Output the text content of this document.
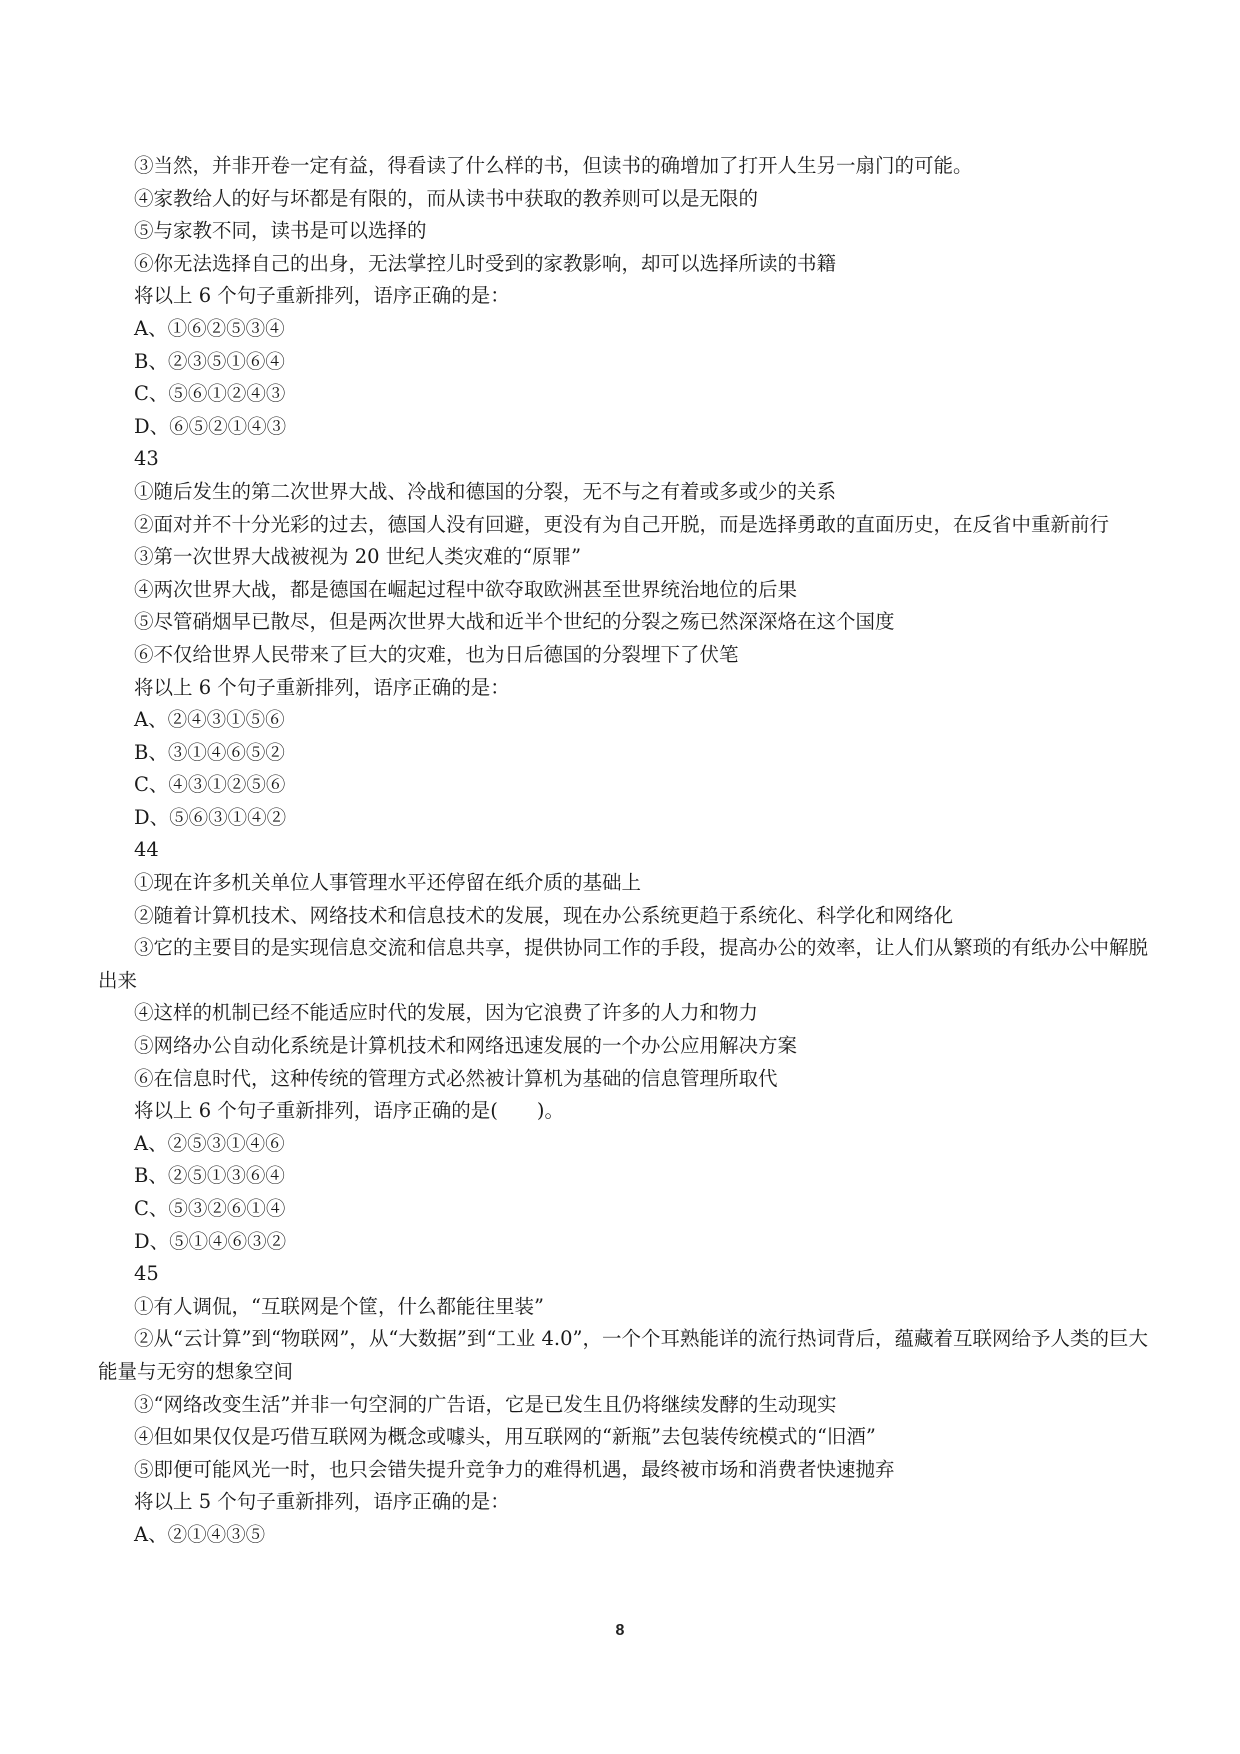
③当然，并非开卷一定有益，得看读了什么样的书，但读书的确增加了打开人生另一扇门的可能。
④家教给人的好与坏都是有限的，而从读书中获取的教养则可以是无限的
⑤与家教不同，读书是可以选择的
⑥你无法选择自己的出身，无法掌控儿时受到的家教影响，却可以选择所读的书籍
将以上 6 个句子重新排列，语序正确的是：
A、①⑥②⑤③④
B、②③⑤①⑥④
C、⑤⑥①②④③
D、⑥⑤②①④③
43
①随后发生的第二次世界大战、冷战和德国的分裂，无不与之有着或多或少的关系
②面对并不十分光彩的过去，德国人没有回避，更没有为自己开脱，而是选择勇敢的直面历史，在反省中重新前行
③第一次世界大战被视为 20 世纪人类灾难的“原罪”
④两次世界大战，都是德国在崛起过程中欲夺取欧洲甚至世界统治地位的后果
⑤尽管硝烟早已散尽，但是两次世界大战和近半个世纪的分裂之殇已然深深烙在这个国度
⑥不仅给世界人民带来了巨大的灾难，也为日后德国的分裂埋下了伏笔
将以上 6 个句子重新排列，语序正确的是：
A、②④③①⑤⑥
B、③①④⑥⑤②
C、④③①②⑤⑥
D、⑤⑥③①④②
44
①现在许多机关单位人事管理水平还停留在纸介质的基础上
②随着计算机技术、网络技术和信息技术的发展，现在办公系统更趋于系统化、科学化和网络化
③它的主要目的是实现信息交流和信息共享，提供协同工作的手段，提高办公的效率，让人们从繁琐的有纸办公中解脱出来
④这样的机制已经不能适应时代的发展，因为它浪费了许多的人力和物力
⑤网络办公自动化系统是计算机技术和网络迅速发展的一个办公应用解决方案
⑥在信息时代，这种传统的管理方式必然被计算机为基础的信息管理所取代
将以上 6 个句子重新排列，语序正确的是(　　)。
A、②⑤③①④⑥
B、②⑤①③⑥④
C、⑤③②⑥①④
D、⑤①④⑥③②
45
①有人调侃，“互联网是个筐，什么都能往里装”
②从“云计算”到“物联网”，从“大数据”到“工业 4.0”，一个个耳熟能详的流行热词背后，蕴藏着互联网给予人类的巨大能量与无穷的想象空间
③“网络改变生活”并非一句空洞的广告语，它是已发生且仍将继续发酵的生动现实
④但如果仅仅是巧借互联网为概念或噱头，用互联网的“新瓶”去包装传统模式的“旧酒”
⑤即便可能风光一时，也只会错失提升竞争力的难得机遇，最终被市场和消费者快速抛弃
将以上 5 个句子重新排列，语序正确的是：
A、②①④③⑤
8
